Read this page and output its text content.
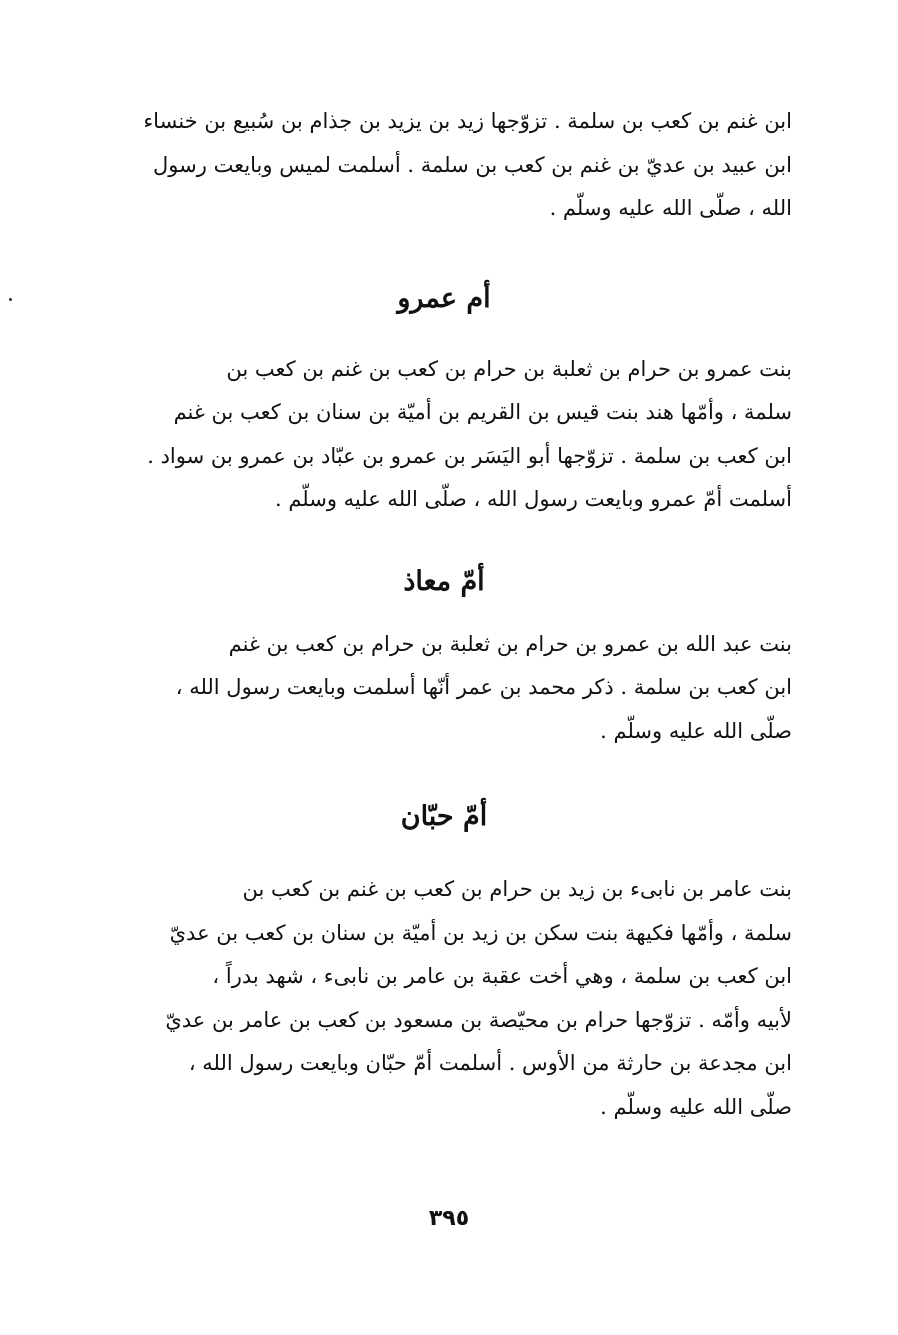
ابن غنم بن كعب بن سلمة . تزوّجها زيد بن يزيد بن جذام بن سُبيع بن خنساء
ابن عبيد بن عديّ بن غنم بن كعب بن سلمة . أسلمت لميس وبايعت رسول
الله ، صلّى الله عليه وسلّم .

أم عمرو

بنت عمرو بن حرام بن ثعلبة بن حرام بن كعب بن غنم بن كعب بن
سلمة ، وأمّها هند بنت قيس بن القريم بن أميّة بن سنان بن كعب بن غنم
ابن كعب بن سلمة . تزوّجها أبو اليَسَر بن عمرو بن عبّاد بن عمرو بن سواد .
أسلمت أمّ عمرو وبايعت رسول الله ، صلّى الله عليه وسلّم .

أمّ معاذ

بنت عبد الله بن عمرو بن حرام بن ثعلبة بن حرام بن كعب بن غنم
ابن كعب بن سلمة . ذكر محمد بن عمر أنّها أسلمت وبايعت رسول الله ،
صلّى الله عليه وسلّم .

أمّ حبّان

بنت عامر بن نابىء بن زيد بن حرام بن كعب بن غنم بن كعب بن
سلمة ، وأمّها فكيهة بنت سكن بن زيد بن أميّة بن سنان بن كعب بن عديّ
ابن كعب بن سلمة ، وهي أخت عقبة بن عامر بن نابىء ، شهد بدراً ،
لأبيه وأمّه . تزوّجها حرام بن محيّصة بن مسعود بن كعب بن عامر بن عديّ
ابن مجدعة بن حارثة من الأوس . أسلمت أمّ حبّان وبايعت رسول الله ،
صلّى الله عليه وسلّم .

٣٩٥
